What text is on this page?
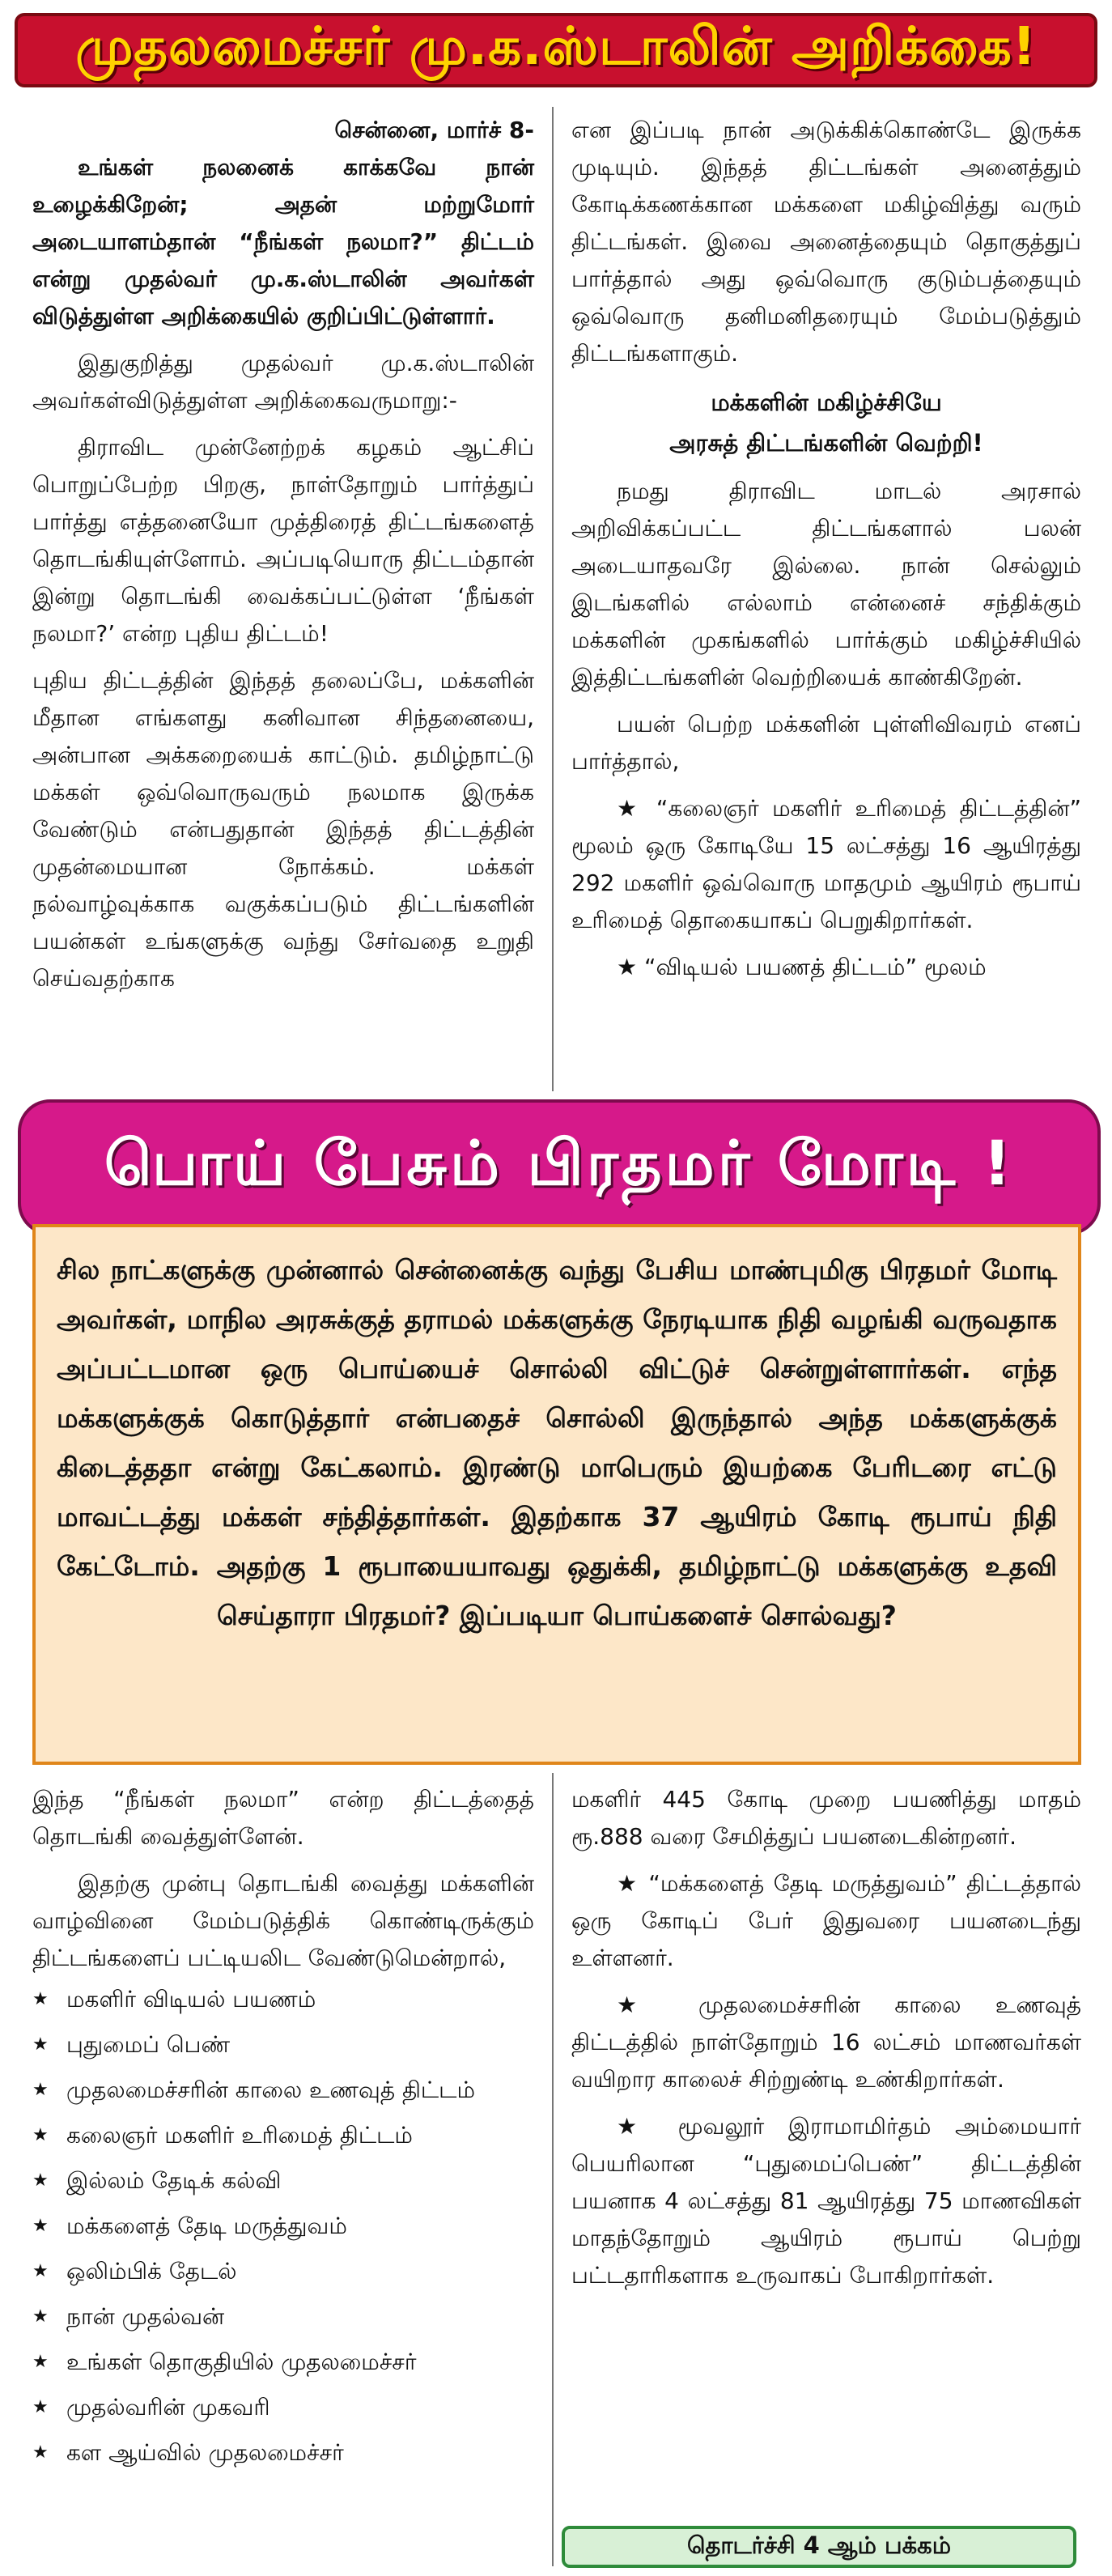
முதலமைச்சர் மு.க.ஸ்டாலின் அறிக்கை!

சென்னை, மார்ச் 8-

உங்கள் நலனைக் காக்கவே நான் உழைக்கிறேன்; அதன் மற்றுமோர் அடையாளம்தான் “நீங்கள் நலமா?” திட்டம் என்று முதல்வர் மு.க.ஸ்டாலின் அவர்கள் விடுத்துள்ள அறிக்கையில் குறிப்பிட்டுள்ளார்.

இதுகுறித்து முதல்வர் மு.க.ஸ்டாலின் அவர்கள்விடுத்துள்ள அறிக்கைவருமாறு:-

திராவிட முன்னேற்றக் கழகம் ஆட்சிப் பொறுப்பேற்ற பிறகு, நாள்தோறும் பார்த்துப் பார்த்து எத்தனையோ முத்திரைத் திட்டங்களைத் தொடங்கியுள்ளோம். அப்படியொரு திட்டம்தான் இன்று தொடங்கி வைக்கப்பட்டுள்ள ‘நீங்கள் நலமா?’ என்ற புதிய திட்டம்!

புதிய திட்டத்தின் இந்தத் தலைப்பே, மக்களின் மீதான எங்களது கனிவான சிந்தனையை, அன்பான அக்கறையைக் காட்டும். தமிழ்நாட்டு மக்கள் ஒவ்வொருவரும் நலமாக இருக்க வேண்டும் என்பதுதான் இந்தத் திட்டத்தின் முதன்மையான நோக்கம். மக்கள் நல்வாழ்வுக்காக வகுக்கப்படும் திட்டங்களின் பயன்கள் உங்களுக்கு வந்து சேர்வதை உறுதி செய்வதற்காக

என இப்படி நான் அடுக்கிக்கொண்டே இருக்க முடியும். இந்தத் திட்டங்கள் அனைத்தும் கோடிக்கணக்கான மக்களை மகிழ்வித்து வரும் திட்டங்கள். இவை அனைத்தையும் தொகுத்துப் பார்த்தால் அது ஒவ்வொரு குடும்பத்தையும் ஒவ்வொரு தனிமனிதரையும் மேம்படுத்தும் திட்டங்களாகும்.

மக்களின் மகிழ்ச்சியே

அரசுத் திட்டங்களின் வெற்றி!

நமது திராவிட மாடல் அரசால் அறிவிக்கப்பட்ட திட்டங்களால் பலன் அடையாதவரே இல்லை. நான் செல்லும் இடங்களில் எல்லாம் என்னைச் சந்திக்கும் மக்களின் முகங்களில் பார்க்கும் மகிழ்ச்சியில் இத்திட்டங்களின் வெற்றியைக் காண்கிறேன்.

பயன் பெற்ற மக்களின் புள்ளிவிவரம் எனப் பார்த்தால்,

★ “கலைஞர் மகளிர் உரிமைத் திட்டத்தின்” மூலம் ஒரு கோடியே 15 லட்சத்து 16 ஆயிரத்து 292 மகளிர் ஒவ்வொரு மாதமும் ஆயிரம் ரூபாய் உரிமைத் தொகையாகப் பெறுகிறார்கள்.

★ “விடியல் பயணத் திட்டம்” மூலம்

பொய் பேசும் பிரதமர் மோடி !

சில நாட்களுக்கு முன்னால் சென்னைக்கு வந்து பேசிய மாண்புமிகு பிரதமர் மோடி அவர்கள், மாநில அரசுக்குத் தராமல் மக்களுக்கு நேரடியாக நிதி வழங்கி வருவதாக அப்பட்டமான ஒரு பொய்யைச் சொல்லி விட்டுச் சென்றுள்ளார்கள். எந்த மக்களுக்குக் கொடுத்தார் என்பதைச் சொல்லி இருந்தால் அந்த மக்களுக்குக் கிடைத்ததா என்று கேட்கலாம். இரண்டு மாபெரும் இயற்கை பேரிடரை எட்டு மாவட்டத்து மக்கள் சந்தித்தார்கள். இதற்காக 37 ஆயிரம் கோடி ரூபாய் நிதி கேட்டோம். அதற்கு 1 ரூபாயையாவது ஒதுக்கி, தமிழ்நாட்டு மக்களுக்கு உதவி செய்தாரா பிரதமர்? இப்படியா பொய்களைச் சொல்வது?

இந்த “நீங்கள் நலமா” என்ற திட்டத்தைத் தொடங்கி வைத்துள்ளேன்.

இதற்கு முன்பு தொடங்கி வைத்து மக்களின் வாழ்வினை மேம்படுத்திக் கொண்டிருக்கும் திட்டங்களைப் பட்டியலிட வேண்டுமென்றால்,

★ மகளிர் விடியல் பயணம்
★ புதுமைப் பெண்
★ முதலமைச்சரின் காலை உணவுத் திட்டம்
★ கலைஞர் மகளிர் உரிமைத் திட்டம்
★ இல்லம் தேடிக் கல்வி
★ மக்களைத் தேடி மருத்துவம்
★ ஒலிம்பிக் தேடல்
★ நான் முதல்வன்
★ உங்கள் தொகுதியில் முதலமைச்சர்
★ முதல்வரின் முகவரி
★ கள ஆய்வில் முதலமைச்சர்

மகளிர் 445 கோடி முறை பயணித்து மாதம் ரூ.888 வரை சேமித்துப் பயனடைகின்றனர்.

★ “மக்களைத் தேடி மருத்துவம்” திட்டத்தால் ஒரு கோடிப் பேர் இதுவரை பயனடைந்து உள்ளனர்.

★ முதலமைச்சரின் காலை உணவுத் திட்டத்தில் நாள்தோறும் 16 லட்சம் மாணவர்கள் வயிறார காலைச் சிற்றுண்டி உண்கிறார்கள்.

★ மூவலூர் இராமாமிர்தம் அம்மையார் பெயரிலான “புதுமைப்பெண்” திட்டத்தின் பயனாக 4 லட்சத்து 81 ஆயிரத்து 75 மாணவிகள் மாதந்தோறும் ஆயிரம் ரூபாய் பெற்று பட்டதாரிகளாக உருவாகப் போகிறார்கள்.

தொடர்ச்சி 4 ஆம் பக்கம்
